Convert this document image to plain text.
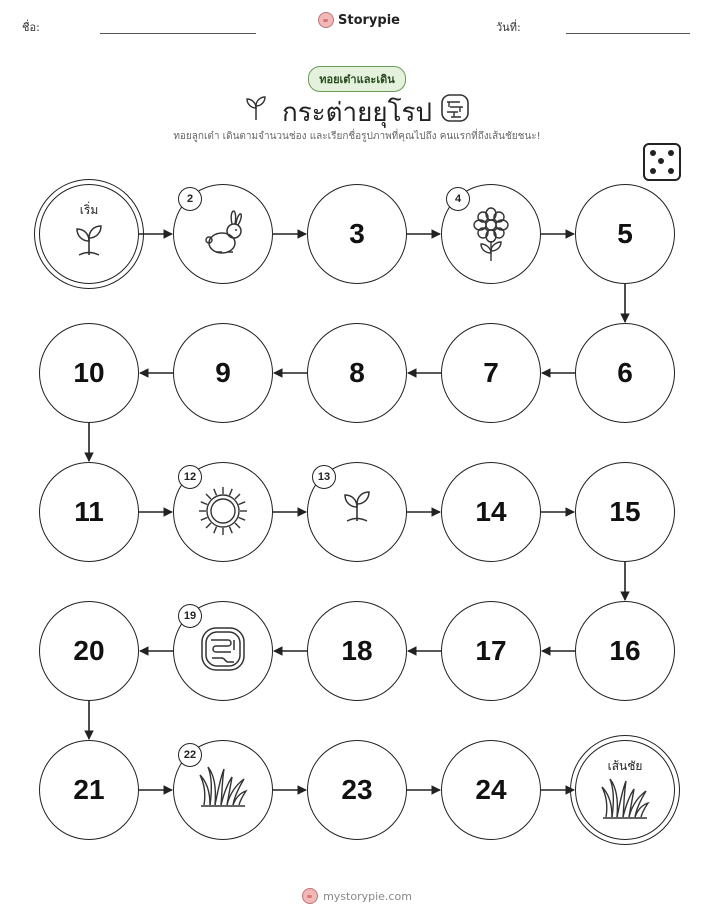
ชื่อ:	Storypie	วันที่:
ทอยเต๋าและเดิน
กระต่ายยุโรป
ทอยลูกเต๋า เดินตามจำนวนช่อง และเรียกชื่อรูปภาพที่คุณไปถึง คนแรกที่ถึงเส้นชัยชนะ!
เริ่ม
2
3
4
5
6
7
8
9
10
11
12	13
14	15
16
17
18
19
20
21
22
23	24
เส้นชัย
mystorypie.com
